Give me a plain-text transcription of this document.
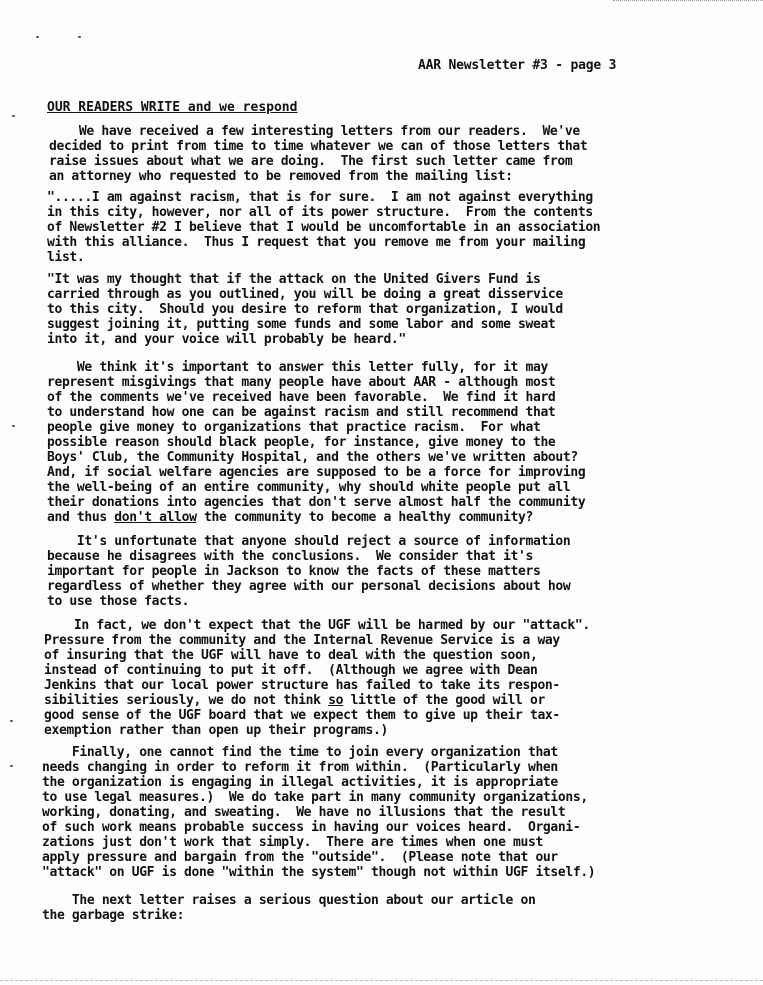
AAR Newsletter #3 - page 3
OUR READERS WRITE and we respond
We have received a few interesting letters from our readers.  We've
decided to print from time to time whatever we can of those letters that
raise issues about what we are doing.  The first such letter came from
an attorney who requested to be removed from the mailing list:
".....I am against racism, that is for sure.  I am not against everything
in this city, however, nor all of its power structure.  From the contents
of Newsletter #2 I believe that I would be uncomfortable in an association
with this alliance.  Thus I request that you remove me from your mailing
list.
"It was my thought that if the attack on the United Givers Fund is
carried through as you outlined, you will be doing a great disservice
to this city.  Should you desire to reform that organization, I would
suggest joining it, putting some funds and some labor and some sweat
into it, and your voice will probably be heard."
We think it's important to answer this letter fully, for it may
represent misgivings that many people have about AAR - although most
of the comments we've received have been favorable.  We find it hard
to understand how one can be against racism and still recommend that
people give money to organizations that practice racism.  For what
possible reason should black people, for instance, give money to the
Boys' Club, the Community Hospital, and the others we've written about?
And, if social welfare agencies are supposed to be a force for improving
the well-being of an entire community, why should white people put all
their donations into agencies that don't serve almost half the community
and thus don't allow the community to become a healthy community?
It's unfortunate that anyone should reject a source of information
because he disagrees with the conclusions.  We consider that it's
important for people in Jackson to know the facts of these matters
regardless of whether they agree with our personal decisions about how
to use those facts.
In fact, we don't expect that the UGF will be harmed by our "attack".
Pressure from the community and the Internal Revenue Service is a way
of insuring that the UGF will have to deal with the question soon,
instead of continuing to put it off.  (Although we agree with Dean
Jenkins that our local power structure has failed to take its respon-
sibilities seriously, we do not think so little of the good will or
good sense of the UGF board that we expect them to give up their tax-
exemption rather than open up their programs.)
Finally, one cannot find the time to join every organization that
needs changing in order to reform it from within.  (Particularly when
the organization is engaging in illegal activities, it is appropriate
to use legal measures.)  We do take part in many community organizations,
working, donating, and sweating.  We have no illusions that the result
of such work means probable success in having our voices heard.  Organi-
zations just don't work that simply.  There are times when one must
apply pressure and bargain from the "outside".  (Please note that our
"attack" on UGF is done "within the system" though not within UGF itself.)
The next letter raises a serious question about our article on
the garbage strike:
